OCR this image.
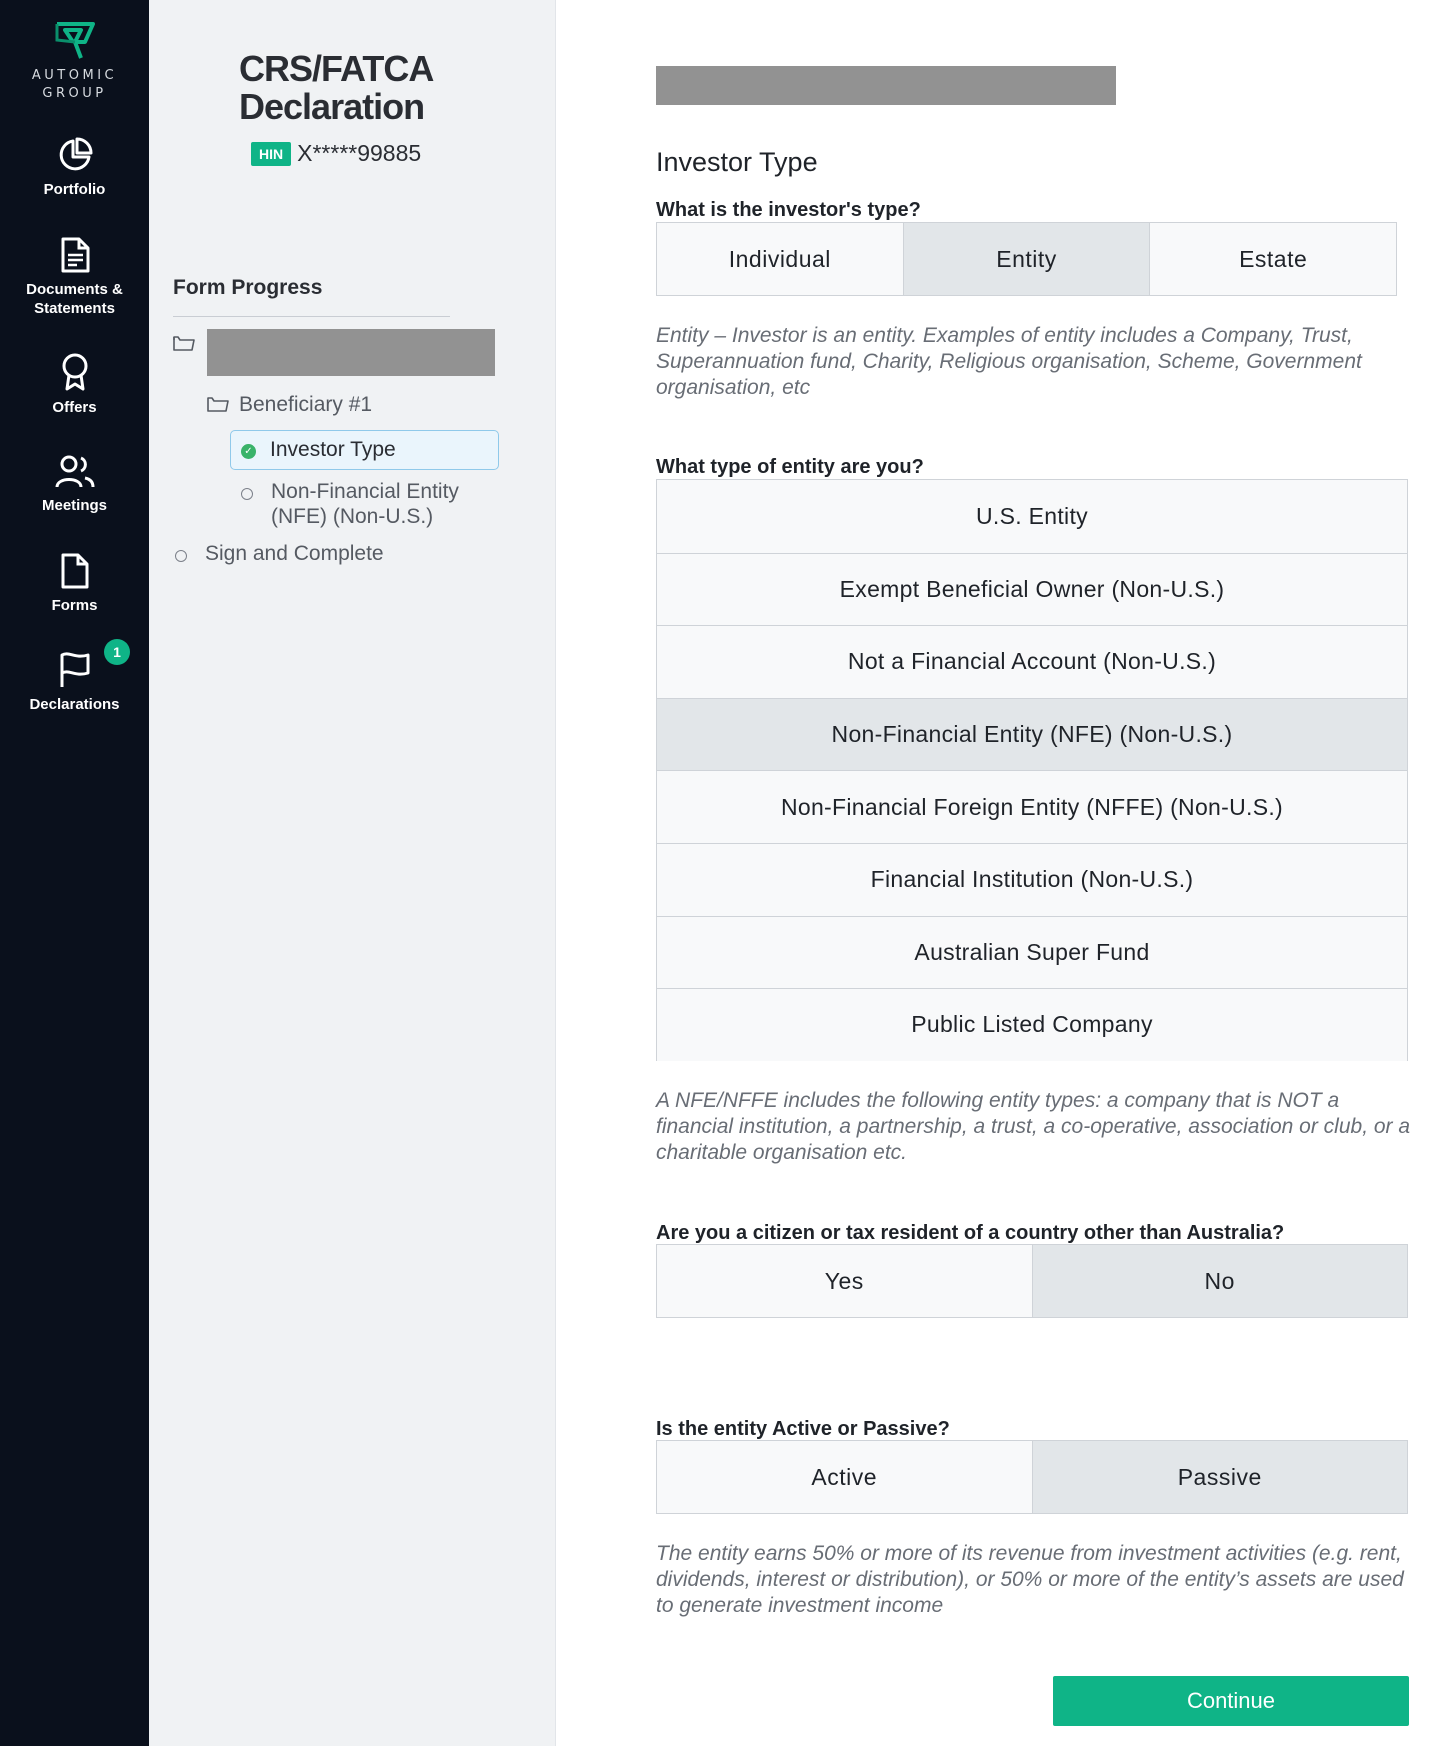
AUTOMIC
GROUP
Portfolio
Documents &
Statements
Offers
Meetings
Forms
Declarations
1
CRS/FATCA
Declaration
HIN X*****99885
Form Progress
Beneficiary #1
✓ Investor Type
Non-Financial Entity
(NFE) (Non-U.S.)
Sign and Complete
Investor Type
What is the investor's type?
Individual	Entity	Estate
Entity – Investor is an entity. Examples of entity includes a Company, Trust, Superannuation fund, Charity, Religious organisation, Scheme, Government organisation, etc
What type of entity are you?
U.S. Entity
Exempt Beneficial Owner (Non-U.S.)
Not a Financial Account (Non-U.S.)
Non-Financial Entity (NFE) (Non-U.S.)
Non-Financial Foreign Entity (NFFE) (Non-U.S.)
Financial Institution (Non-U.S.)
Australian Super Fund
Public Listed Company
A NFE/NFFE includes the following entity types: a company that is NOT a financial institution, a partnership, a trust, a co-operative, association or club, or a charitable organisation etc.
Are you a citizen or tax resident of a country other than Australia?
Yes	No
Is the entity Active or Passive?
Active	Passive
The entity earns 50% or more of its revenue from investment activities (e.g. rent, dividends, interest or distribution), or 50% or more of the entity’s assets are used to generate investment income
Continue
